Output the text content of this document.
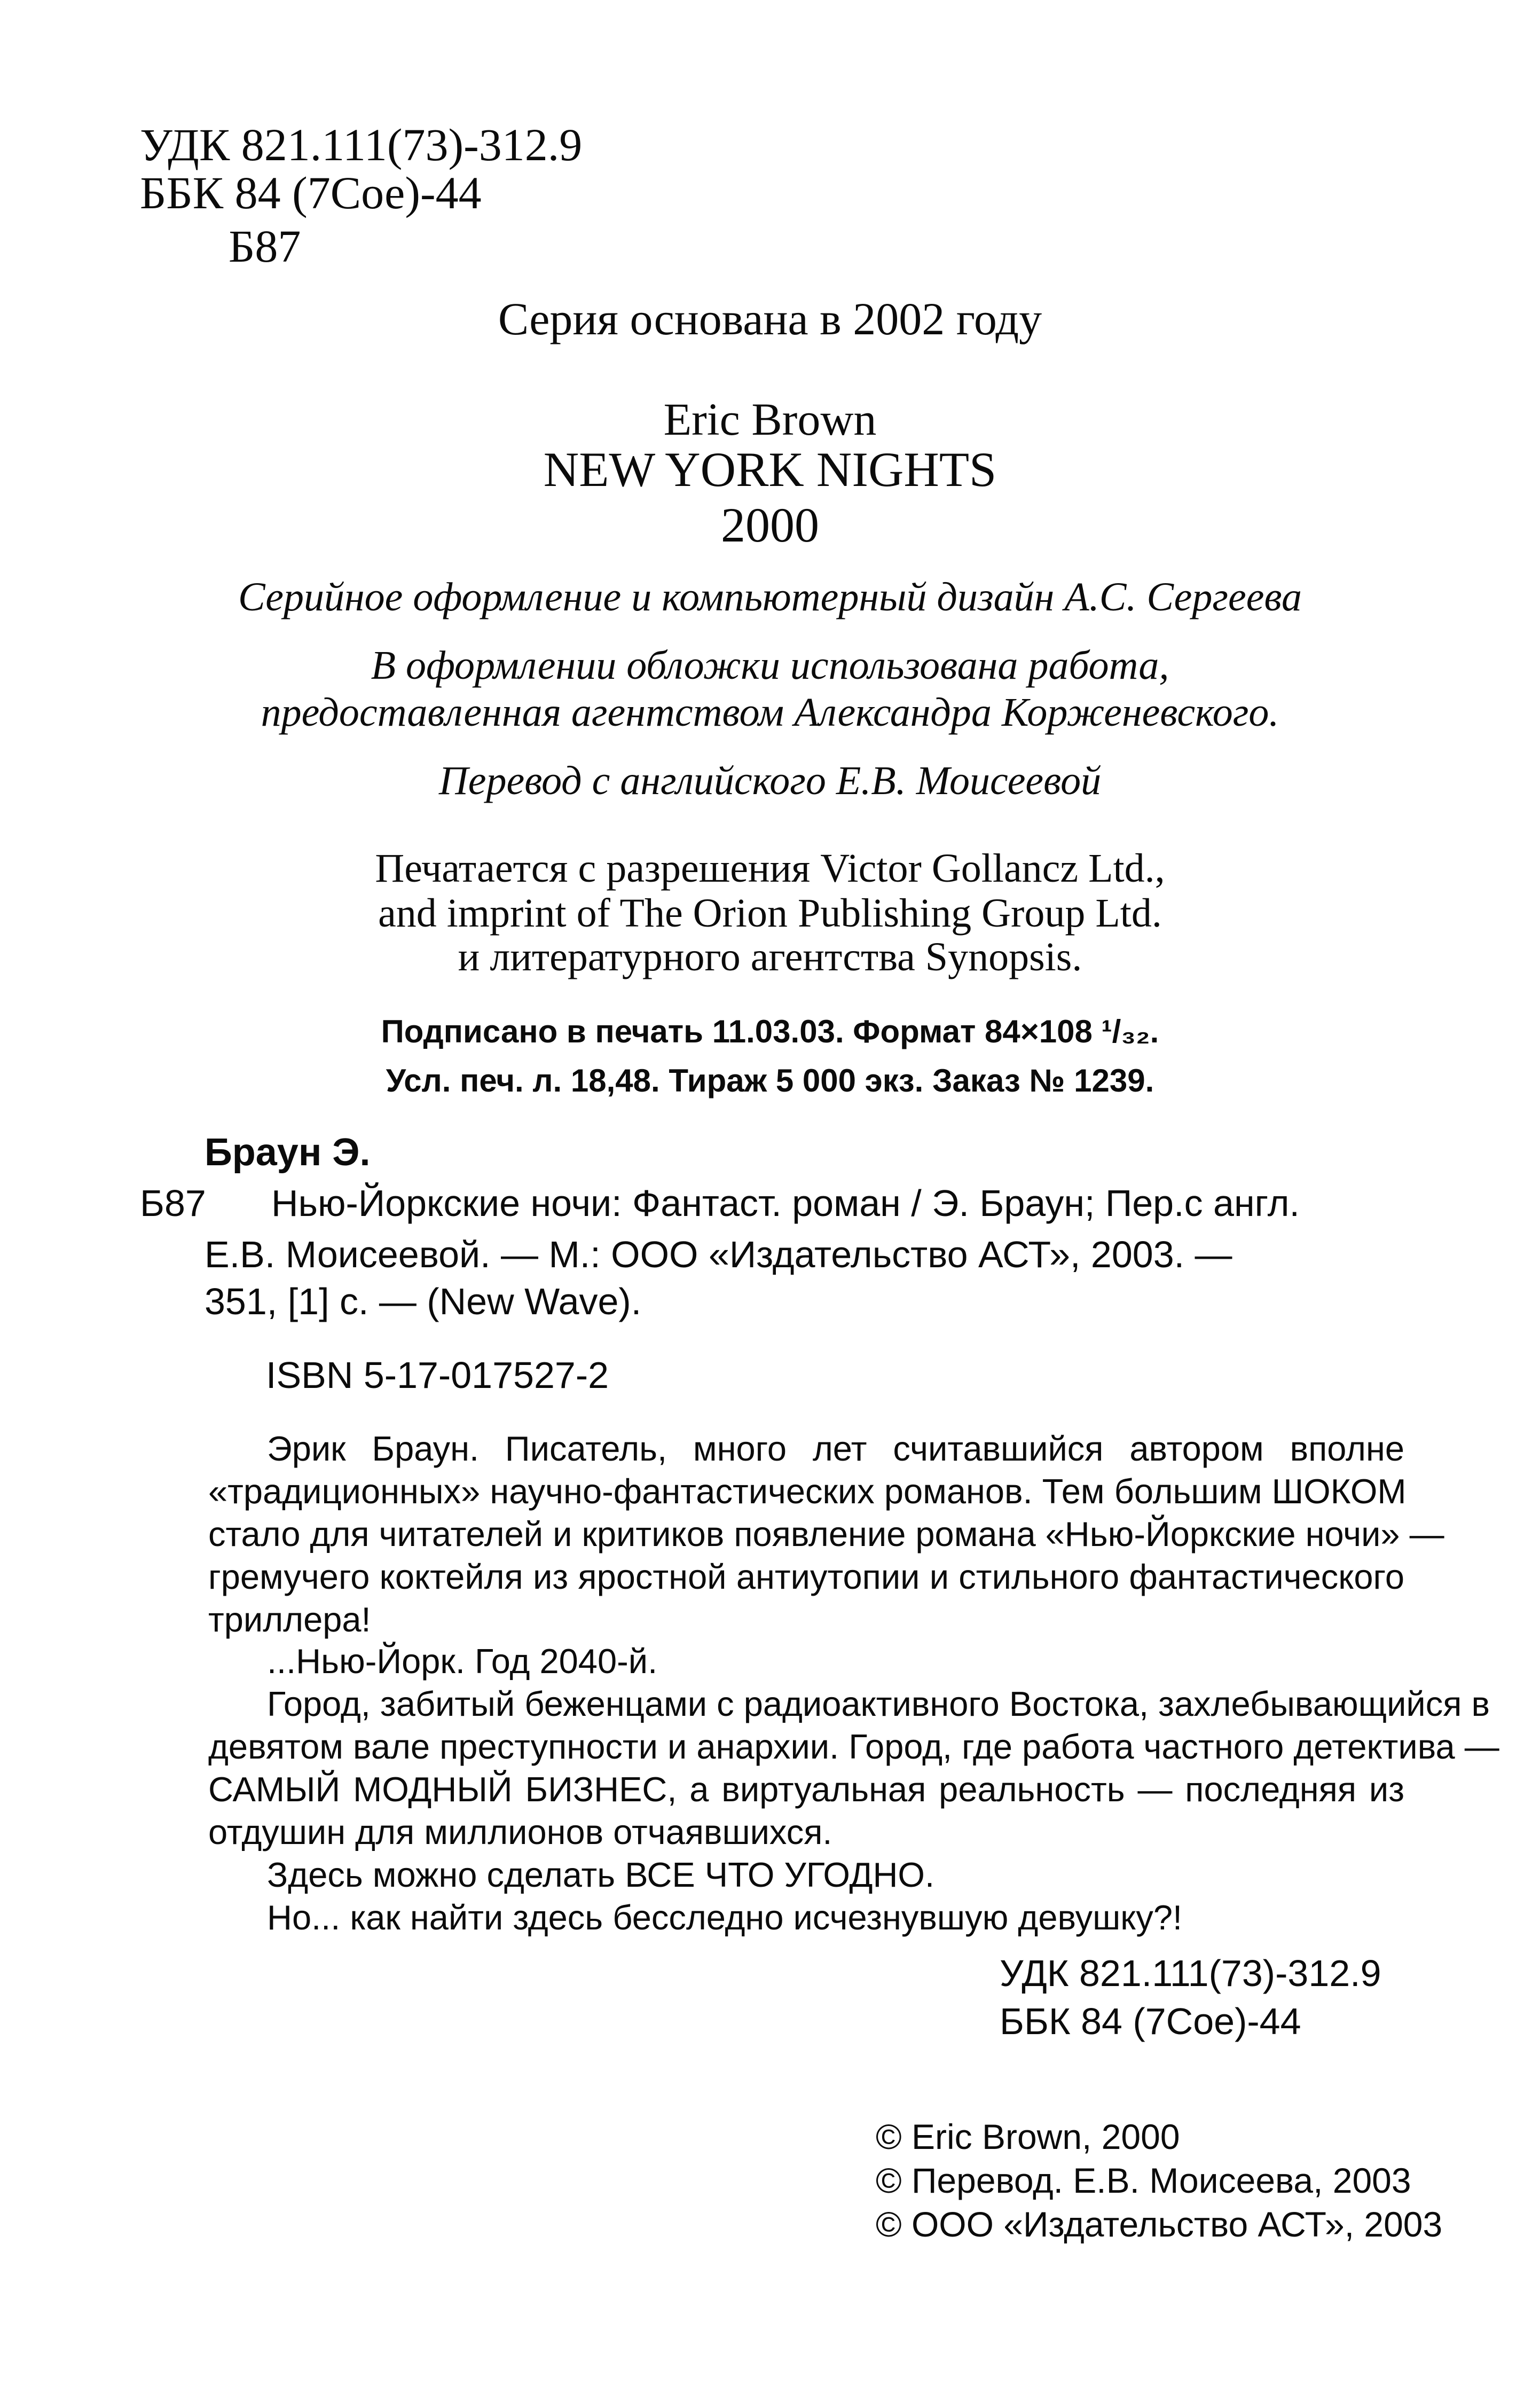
УДК 821.111(73)-312.9
ББК 84 (7Сое)-44
Б87
Серия основана в 2002 году
Eric Brown
NEW YORK NIGHTS
2000
Серийное оформление и компьютерный дизайн А.С. Сергеева
В оформлении обложки использована работа,
предоставленная агентством Александра Корженевского.
Перевод с английского Е.В. Моисеевой
Печатается с разрешения Victor Gollancz Ltd.,
and imprint of The Orion Publishing Group Ltd.
и литературного агентства Synopsis.
Подписано в печать 11.03.03. Формат 84×108 ¹/₃₂.
Усл. печ. л. 18,48. Тираж 5 000 экз. Заказ № 1239.
Браун Э.
Б87 Нью-Йоркские ночи: Фантаст. роман / Э. Браун; Пер.с англ.
Е.В. Моисеевой. — М.: ООО «Издательство АСТ», 2003. —
351, [1] с. — (New Wave).
ISBN 5-17-017527-2
Эрик Браун. Писатель, много лет считавшийся автором вполне
«традиционных» научно-фантастических романов. Тем большим ШОКОМ
стало для читателей и критиков появление романа «Нью-Йоркские ночи» —
гремучего коктейля из яростной антиутопии и стильного фантастического
триллера!
...Нью-Йорк. Год 2040-й.
Город, забитый беженцами с радиоактивного Востока, захлебывающийся в
девятом вале преступности и анархии. Город, где работа частного детектива —
САМЫЙ МОДНЫЙ БИЗНЕС, а виртуальная реальность — последняя из
отдушин для миллионов отчаявшихся.
Здесь можно сделать ВСЕ ЧТО УГОДНО.
Но... как найти здесь бесследно исчезнувшую девушку?!
УДК 821.111(73)-312.9
ББК 84 (7Сое)-44
© Eric Brown, 2000
© Перевод. Е.В. Моисеева, 2003
© ООО «Издательство АСТ», 2003
